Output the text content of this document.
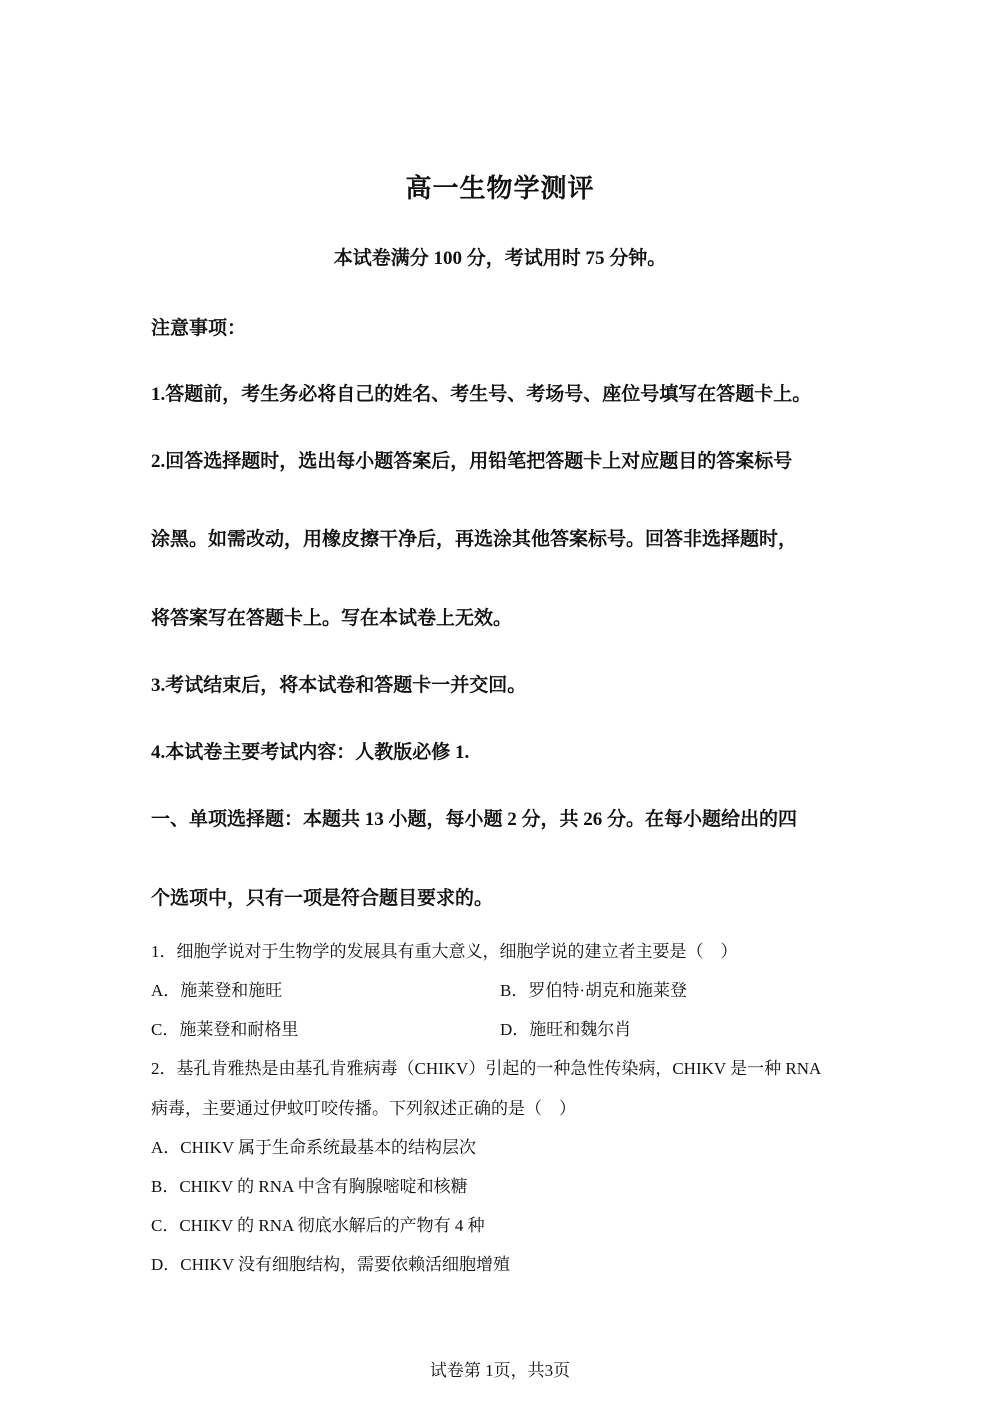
高一生物学测评
本试卷满分 100 分，考试用时 75 分钟。
注意事项：
1.答题前，考生务必将自己的姓名、考生号、考场号、座位号填写在答题卡上。
2.回答选择题时，选出每小题答案后，用铅笔把答题卡上对应题目的答案标号
涂黑。如需改动，用橡皮擦干净后，再选涂其他答案标号。回答非选择题时，
将答案写在答题卡上。写在本试卷上无效。
3.考试结束后，将本试卷和答题卡一并交回。
4.本试卷主要考试内容：人教版必修 1.
一、单项选择题：本题共 13 小题，每小题 2 分，共 26 分。在每小题给出的四
个选项中，只有一项是符合题目要求的。
1．细胞学说对于生物学的发展具有重大意义，细胞学说的建立者主要是（　）
A．施莱登和施旺	B．罗伯特·胡克和施莱登
C．施莱登和耐格里	D．施旺和魏尔肖
2．基孔肯雅热是由基孔肯雅病毒（CHIKV）引起的一种急性传染病，CHIKV 是一种 RNA
病毒，主要通过伊蚊叮咬传播。下列叙述正确的是（　）
A．CHIKV 属于生命系统最基本的结构层次
B．CHIKV 的 RNA 中含有胸腺嘧啶和核糖
C．CHIKV 的 RNA 彻底水解后的产物有 4 种
D．CHIKV 没有细胞结构，需要依赖活细胞增殖
试卷第 1页，共3页
